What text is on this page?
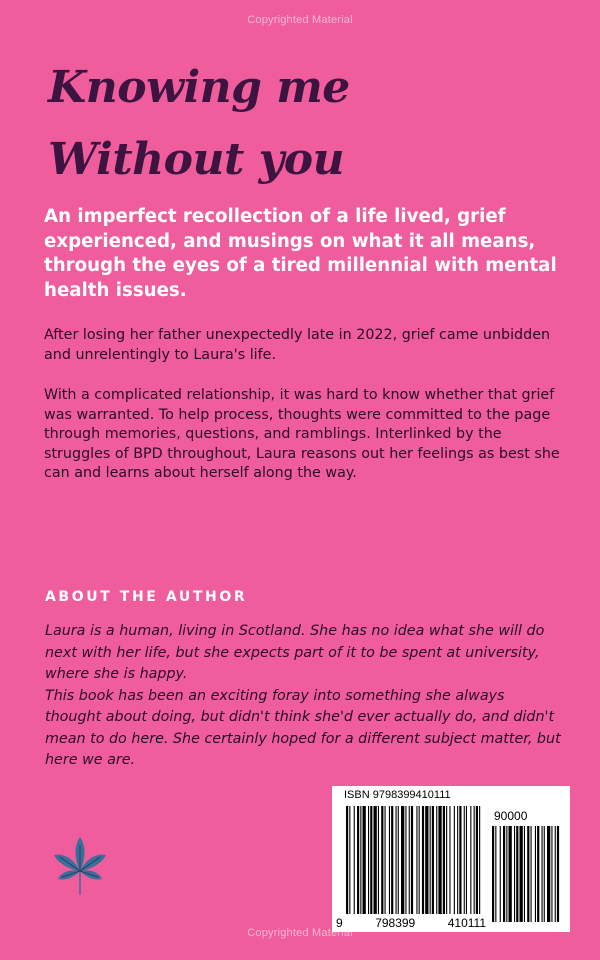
Copyrighted Material
Knowing me
Without you
An imperfect recollection of a life lived, grief experienced, and musings on what it all means, through the eyes of a tired millennial with mental health issues.
After losing her father unexpectedly late in 2022, grief came unbidden and unrelentingly to Laura's life.
With a complicated relationship, it was hard to know whether that grief was warranted. To help process, thoughts were committed to the page through memories, questions, and ramblings. Interlinked by the struggles of BPD throughout, Laura reasons out her feelings as best she can and learns about herself along the way.
ABOUT THE AUTHOR
Laura is a human, living in Scotland. She has no idea what she will do next with her life, but she expects part of it to be spent at university, where she is happy.
This book has been an exciting foray into something she always thought about doing, but didn't think she'd ever actually do, and didn't mean to do here. She certainly hoped for a different subject matter, but here we are.
ISBN 9798399410111
90000
9	798399	410111
Copyrighted Material
